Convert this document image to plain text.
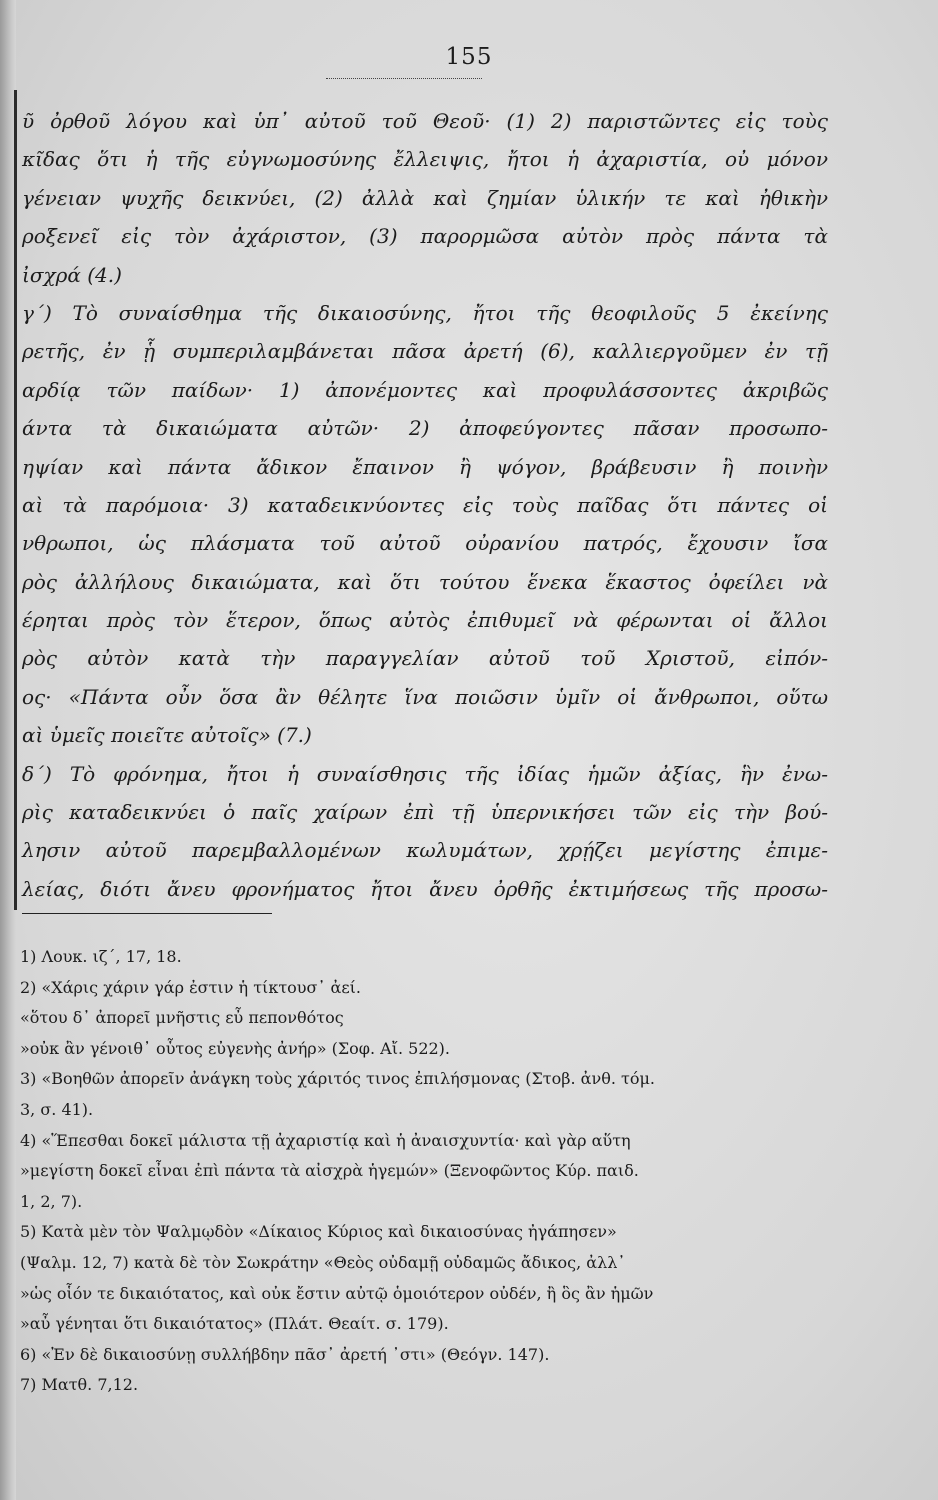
155
ῦ ὀρθοῦ λόγου καὶ ὑπ᾽ αὐτοῦ τοῦ Θεοῦ· (1) 2) παριστῶντες εἰς τοὺς
κῖδας ὅτι ἡ τῆς εὐγνωμοσύνης ἔλλειψις, ἤτοι ἡ ἀχαριστία, οὐ μόνον
γένειαν ψυχῆς δεικνύει, (2) ἀλλὰ καὶ ζημίαν ὑλικήν τε καὶ ἠθικὴν
ροξενεῖ εἰς τὸν ἀχάριστον, (3) παρορμῶσα αὐτὸν πρὸς πάντα τὰ
ἰσχρά (4.)
γ΄) Τὸ συναίσθημα τῆς δικαιοσύνης, ἤτοι τῆς θεοφιλοῦς 5 ἐκείνης
ρετῆς, ἐν ᾗ συμπεριλαμβάνεται πᾶσα ἀρετή (6), καλλιεργοῦμεν ἐν τῇ
αρδίᾳ τῶν παίδων· 1) ἀπονέμοντες καὶ προφυλάσσοντες ἀκριβῶς
άντα τὰ δικαιώματα αὐτῶν· 2) ἀποφεύγοντες πᾶσαν προσωπο-
ηψίαν καὶ πάντα ἄδικον ἔπαινον ἢ ψόγον, βράβευσιν ἢ ποινὴν
αὶ τὰ παρόμοια· 3) καταδεικνύοντες εἰς τοὺς παῖδας ὅτι πάντες οἱ
νθρωποι, ὡς πλάσματα τοῦ αὐτοῦ οὐρανίου πατρός, ἔχουσιν ἴσα
ρὸς ἀλλήλους δικαιώματα, καὶ ὅτι τούτου ἕνεκα ἕκαστος ὀφείλει νὰ
έρηται πρὸς τὸν ἕτερον, ὅπως αὐτὸς ἐπιθυμεῖ νὰ φέρωνται οἱ ἄλλοι
ρὸς αὐτὸν κατὰ τὴν παραγγελίαν αὐτοῦ τοῦ Χριστοῦ, εἰπόν-
ος· «Πάντα οὖν ὅσα ἂν θέλητε ἵνα ποιῶσιν ὑμῖν οἱ ἄνθρωποι, οὕτω
αὶ ὑμεῖς ποιεῖτε αὐτοῖς» (7.)
δ΄) Τὸ φρόνημα, ἤτοι ἡ συναίσθησις τῆς ἰδίας ἡμῶν ἀξίας, ἣν ἐνω-
ρὶς καταδεικνύει ὁ παῖς χαίρων ἐπὶ τῇ ὑπερνικήσει τῶν εἰς τὴν βού-
λησιν αὐτοῦ παρεμβαλλομένων κωλυμάτων, χρῄζει μεγίστης ἐπιμε-
λείας, διότι ἄνευ φρονήματος ἤτοι ἄνευ ὀρθῆς ἐκτιμήσεως τῆς προσω-
1) Λουκ. ιζ΄, 17, 18.
2) «Χάρις χάριν γάρ ἐστιν ἡ τίκτουσ᾽ ἀεί.
«ὅτου δ᾽ ἀπορεῖ μνῆστις εὖ πεπονθότος
»οὐκ ἂν γένοιθ᾽ οὗτος εὐγενὴς ἀνήρ» (Σοφ. Αἴ. 522).
3) «Βοηθῶν ἀπορεῖν ἀνάγκη τοὺς χάριτός τινος ἐπιλήσμονας (Στοβ. ἀνθ. τόμ.
3, σ. 41).
4) «Ἕπεσθαι δοκεῖ μάλιστα τῇ ἀχαριστίᾳ καὶ ἡ ἀναισχυντία· καὶ γὰρ αὕτη
»μεγίστη δοκεῖ εἶναι ἐπὶ πάντα τὰ αἰσχρὰ ἡγεμών» (Ξενοφῶντος Κύρ. παιδ.
1, 2, 7).
5) Κατὰ μὲν τὸν Ψαλμῳδὸν «Δίκαιος Κύριος καὶ δικαιοσύνας ἠγάπησεν»
(Ψαλμ. 12, 7) κατὰ δὲ τὸν Σωκράτην «Θεὸς οὐδαμῇ οὐδαμῶς ἄδικος, ἀλλ᾽
»ὡς οἷόν τε δικαιότατος, καὶ οὐκ ἔστιν αὐτῷ ὁμοιότερον οὐδέν, ἢ ὃς ἂν ἡμῶν
»αὖ γένηται ὅτι δικαιότατος» (Πλάτ. Θεαίτ. σ. 179).
6) «Ἐν δὲ δικαιοσύνῃ συλλήβδην πᾶσ᾽ ἀρετή ᾽στι» (Θεόγν. 147).
7) Ματθ. 7,12.
